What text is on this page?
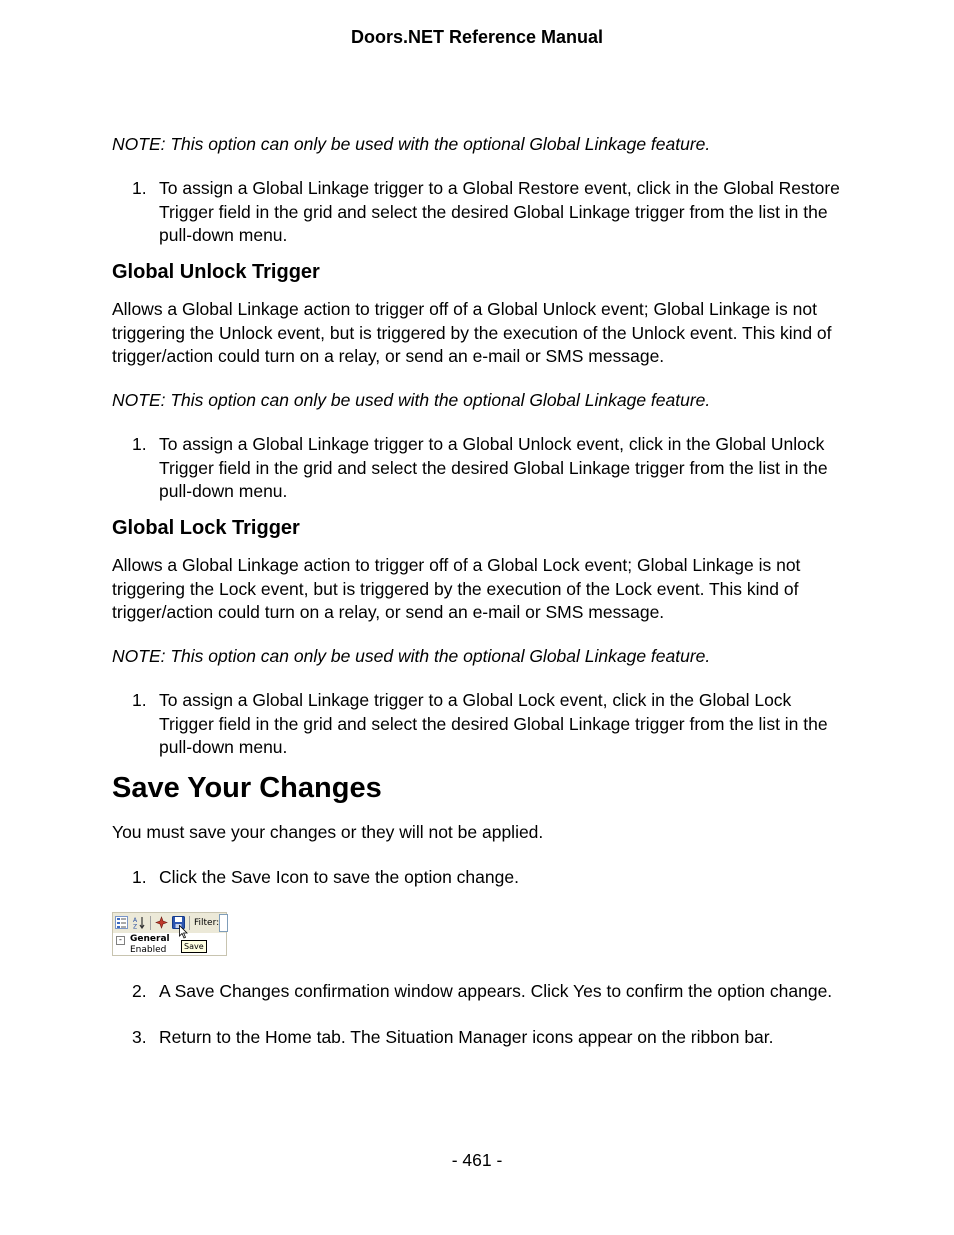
Doors.NET Reference Manual
NOTE: This option can only be used with the optional Global Linkage feature.
1. To assign a Global Linkage trigger to a Global Restore event, click in the Global Restore Trigger field in the grid and select the desired Global Linkage trigger from the list in the pull-down menu.
Global Unlock Trigger
Allows a Global Linkage action to trigger off of a Global Unlock event; Global Linkage is not triggering the Unlock event, but is triggered by the execution of the Unlock event. This kind of trigger/action could turn on a relay, or send an e-mail or SMS message.
NOTE: This option can only be used with the optional Global Linkage feature.
1. To assign a Global Linkage trigger to a Global Unlock event, click in the Global Unlock Trigger field in the grid and select the desired Global Linkage trigger from the list in the pull-down menu.
Global Lock Trigger
Allows a Global Linkage action to trigger off of a Global Lock event; Global Linkage is not triggering the Lock event, but is triggered by the execution of the Lock event. This kind of trigger/action could turn on a relay, or send an e-mail or SMS message.
NOTE: This option can only be used with the optional Global Linkage feature.
1. To assign a Global Linkage trigger to a Global Lock event, click in the Global Lock Trigger field in the grid and select the desired Global Linkage trigger from the list in the pull-down menu.
Save Your Changes
You must save your changes or they will not be applied.
1. Click the Save Icon to save the option change.
A
Z	Filter:
- General
Enabled	Save
2. A Save Changes confirmation window appears. Click Yes to confirm the option change.
3. Return to the Home tab. The Situation Manager icons appear on the ribbon bar.
- 461 -
